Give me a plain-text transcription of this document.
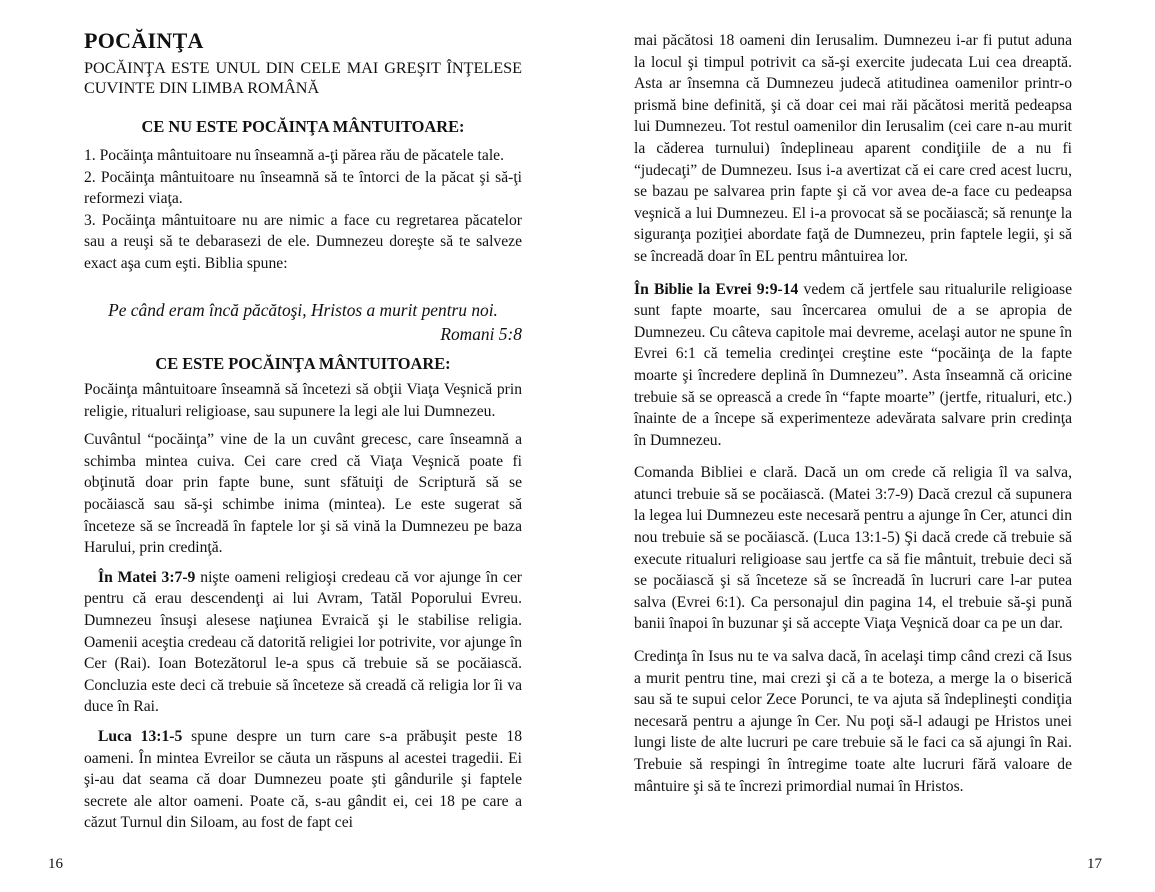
POCĂINŢA
POCĂINŢA ESTE UNUL DIN CELE MAI GREŞIT ÎNŢELESE CUVINTE DIN LIMBA ROMÂNĂ
CE NU ESTE POCĂINŢA MÂNTUITOARE:

1. Pocăinţa mântuitoare nu înseamnă a-ţi părea rău de păcatele tale.

2. Pocăinţa mântuitoare nu înseamnă să te întorci de la păcat şi să-ţi reformezi viaţa.

3. Pocăinţa mântuitoare nu are nimic a face cu regretarea păcatelor sau a reuşi să te debarasezi de ele. Dumnezeu doreşte să te salveze exact aşa cum eşti. Biblia spune:

Pe când eram încă păcătoşi, Hristos a murit pentru noi.
Romani 5:8
CE ESTE POCĂINŢA MÂNTUITOARE:

Pocăinţa mântuitoare înseamnă să încetezi să obţii Viaţa Veşnică prin religie, ritualuri religioase, sau supunere la legi ale lui Dumnezeu.

Cuvântul “pocăinţa” vine de la un cuvânt grecesc, care înseamnă a schimba mintea cuiva. Cei care cred că Viaţa Veşnică poate fi obţinută doar prin fapte bune, sunt sfătuiţi de Scriptură să se pocăiască sau să-şi schimbe inima (mintea). Le este sugerat să înceteze să se încreadă în faptele lor şi să vină la Dumnezeu pe baza Harului, prin credinţă.

În Matei 3:7-9 nişte oameni religioşi credeau că vor ajunge în cer pentru că erau descendenţi ai lui Avram, Tatăl Poporului Evreu. Dumnezeu însuşi alesese naţiunea Evraică şi le stabilise religia. Oamenii aceştia credeau că datorită religiei lor potrivite, vor ajunge în Cer (Rai). Ioan Botezătorul le-a spus că trebuie să se pocăiască. Concluzia este deci că trebuie să înceteze să creadă că religia lor îi va duce în Rai.

Luca 13:1-5 spune despre un turn care s-a prăbuşit peste 18 oameni. În mintea Evreilor se căuta un răspuns al acestei tragedii. Ei şi-au dat seama că doar Dumnezeu poate şti gândurile şi faptele secrete ale altor oameni. Poate că, s-au gândit ei, cei 18 pe care a căzut Turnul din Siloam, au fost de fapt cei

16

mai păcătosi 18 oameni din Ierusalim. Dumnezeu i-ar fi putut aduna la locul şi timpul potrivit ca să-şi exercite judecata Lui cea dreaptă. Asta ar însemna că Dumnezeu judecă atitudinea oamenilor printr-o prismă bine definită, şi că doar cei mai răi păcătosi merită pedeapsa lui Dumnezeu. Tot restul oamenilor din Ierusalim (cei care n-au murit la căderea turnului) îndeplineau aparent condiţiile de a nu fi “judecaţi” de Dumnezeu. Isus i-a avertizat că ei care cred acest lucru, se bazau pe salvarea prin fapte şi că vor avea de-a face cu pedeapsa veşnică a lui Dumnezeu. El i-a provocat să se pocăiască; să renunţe la siguranţa poziţiei abordate faţă de Dumnezeu, prin faptele legii, şi să se încreadă doar în EL pentru mântuirea lor.

În Biblie la Evrei 9:9-14 vedem că jertfele sau ritualurile religioase sunt fapte moarte, sau încercarea omului de a se apropia de Dumnezeu. Cu câteva capitole mai devreme, acelaşi autor ne spune în Evrei 6:1 că temelia credinţei creştine este “pocăinţa de la fapte moarte şi încredere deplină în Dumnezeu”. Asta înseamnă că oricine trebuie să se oprească a crede în “fapte moarte” (jertfe, ritualuri, etc.) înainte de a începe să experimenteze adevărata salvare prin credinţa în Dumnezeu.

Comanda Bibliei e clară. Dacă un om crede că religia îl va salva, atunci trebuie să se pocăiască. (Matei 3:7-9) Dacă crezul că supunera la legea lui Dumnezeu este necesară pentru a ajunge în Cer, atunci din nou trebuie să se pocăiască. (Luca 13:1-5) Şi dacă crede că trebuie să execute ritualuri religioase sau jertfe ca să fie mântuit, trebuie deci să se pocăiască şi să înceteze să se încreadă în lucruri care l-ar putea salva (Evrei 6:1). Ca personajul din pagina 14, el trebuie să-şi pună banii înapoi în buzunar şi să accepte Viaţa Veşnică doar ca pe un dar.

Credinţa în Isus nu te va salva dacă, în acelaşi timp când crezi că Isus a murit pentru tine, mai crezi şi că a te boteza, a merge la o biserică sau să te supui celor Zece Porunci, te va ajuta să îndeplineşti condiţia necesară pentru a ajunge în Cer. Nu poţi să-l adaugi pe Hristos unei lungi liste de alte lucruri pe care trebuie să le faci ca să ajungi în Rai. Trebuie să respingi în întregime toate alte lucruri fără valoare de mântuire şi să te încrezi primordial numai în Hristos.

17
